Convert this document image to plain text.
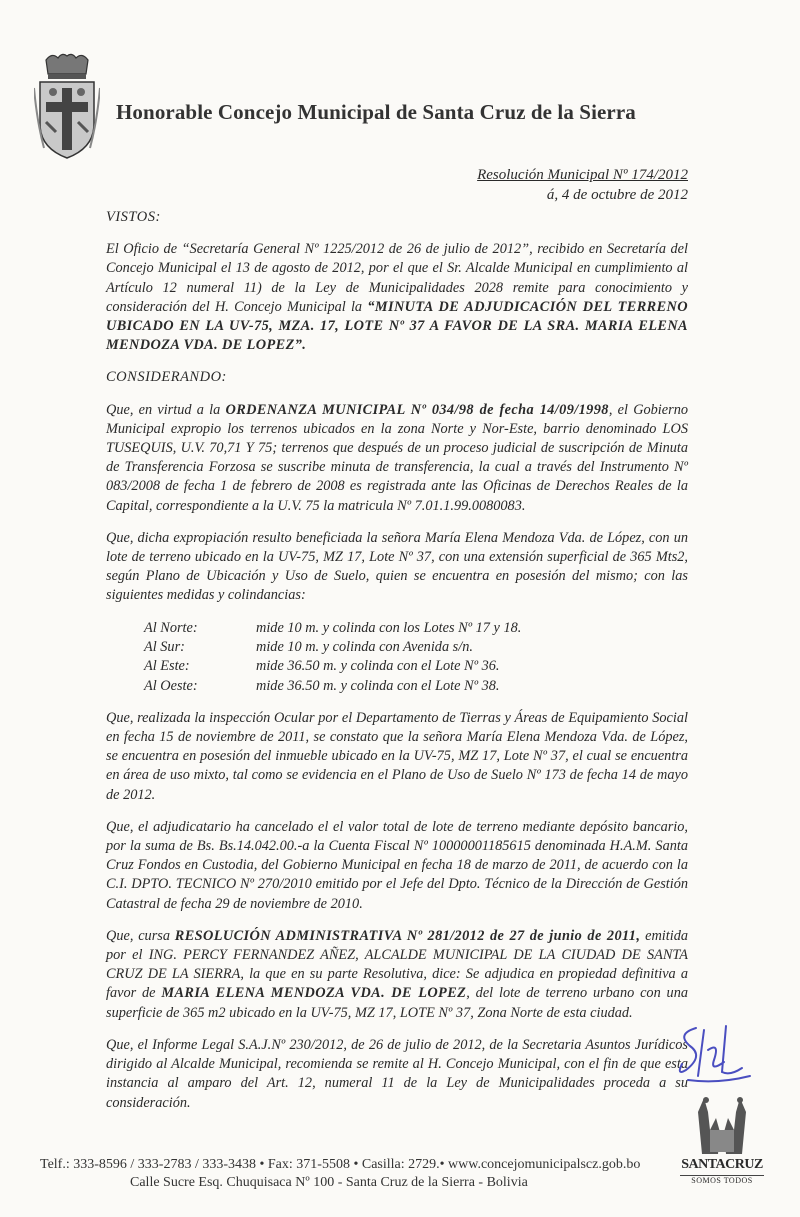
Honorable Concejo Municipal de Santa Cruz de la Sierra
Resolución Municipal Nº 174/2012
á, 4 de octubre de 2012
VISTOS:

El Oficio de “Secretaría General Nº 1225/2012 de 26 de julio de 2012”, recibido en Secretaría del Concejo Municipal el 13 de agosto de 2012, por el que el Sr. Alcalde Municipal en cumplimiento al Artículo 12 numeral 11) de la Ley de Municipalidades 2028 remite para conocimiento y consideración del H. Concejo Municipal la “MINUTA DE ADJUDICACIÓN DEL TERRENO UBICADO EN LA UV-75, MZA. 17, LOTE Nº 37 A FAVOR DE LA SRA. MARIA ELENA MENDOZA VDA. DE LOPEZ”.

CONSIDERANDO:

Que, en virtud a la ORDENANZA MUNICIPAL Nº 034/98 de fecha 14/09/1998, el Gobierno Municipal expropio los terrenos ubicados en la zona Norte y Nor-Este, barrio denominado LOS TUSEQUIS, U.V. 70,71 Y 75; terrenos que después de un proceso judicial de suscripción de Minuta de Transferencia Forzosa se suscribe minuta de transferencia, la cual a través del Instrumento Nº 083/2008 de fecha 1 de febrero de 2008 es registrada ante las Oficinas de Derechos Reales de la Capital, correspondiente a la U.V. 75 la matricula Nº 7.01.1.99.0080083.

Que, dicha expropiación resulto beneficiada la señora María Elena Mendoza Vda. de López, con un lote de terreno ubicado en la UV-75, MZ 17, Lote Nº 37, con una extensión superficial de 365 Mts2, según Plano de Ubicación y Uso de Suelo, quien se encuentra en posesión del mismo; con las siguientes medidas y colindancias:

Al Norte:	mide 10 m. y colinda con los Lotes Nº 17 y 18.
Al Sur:	mide 10 m. y colinda con Avenida s/n.
Al Este:	mide 36.50 m. y colinda con el Lote Nº 36.
Al Oeste:	mide 36.50 m. y colinda con el Lote Nº 38.

Que, realizada la inspección Ocular por el Departamento de Tierras y Áreas de Equipamiento Social en fecha 15 de noviembre de 2011, se constato que la señora María Elena Mendoza Vda. de López, se encuentra en posesión del inmueble ubicado en la UV-75, MZ 17, Lote Nº 37, el cual se encuentra en área de uso mixto, tal como se evidencia en el Plano de Uso de Suelo Nº 173 de fecha 14 de mayo de 2012.

Que, el adjudicatario ha cancelado el el valor total de lote de terreno mediante depósito bancario, por la suma de Bs. Bs.14.042.00.-a la Cuenta Fiscal Nº 10000001185615 denominada H.A.M. Santa Cruz Fondos en Custodia, del Gobierno Municipal en fecha 18 de marzo de 2011, de acuerdo con la C.I. DPTO. TECNICO Nº 270/2010 emitido por el Jefe del Dpto. Técnico de la Dirección de Gestión Catastral de fecha 29 de noviembre de 2010.

Que, cursa RESOLUCIÓN ADMINISTRATIVA Nº 281/2012 de 27 de junio de 2011, emitida por el ING. PERCY FERNANDEZ AÑEZ, ALCALDE MUNICIPAL DE LA CIUDAD DE SANTA CRUZ DE LA SIERRA, la que en su parte Resolutiva, dice: Se adjudica en propiedad definitiva a favor de MARIA ELENA MENDOZA VDA. DE LOPEZ, del lote de terreno urbano con una superficie de 365 m2 ubicado en la UV-75, MZ 17, LOTE Nº 37, Zona Norte de esta ciudad.

Que, el Informe Legal S.A.J.Nº 230/2012, de 26 de julio de 2012, de la Secretaria Asuntos Jurídicos dirigido al Alcalde Municipal, recomienda se remite al H. Concejo Municipal, con el fin de que esta instancia al amparo del Art. 12, numeral 11 de la Ley de Municipalidades proceda a su consideración.

SANTACRUZ
SOMOS TODOS
Telf.: 333-8596 / 333-2783 / 333-3438 • Fax: 371-5508 • Casilla: 2729.• www.concejomunicipalscz.gob.bo
Calle Sucre Esq. Chuquisaca Nº 100 - Santa Cruz de la Sierra - Bolivia
